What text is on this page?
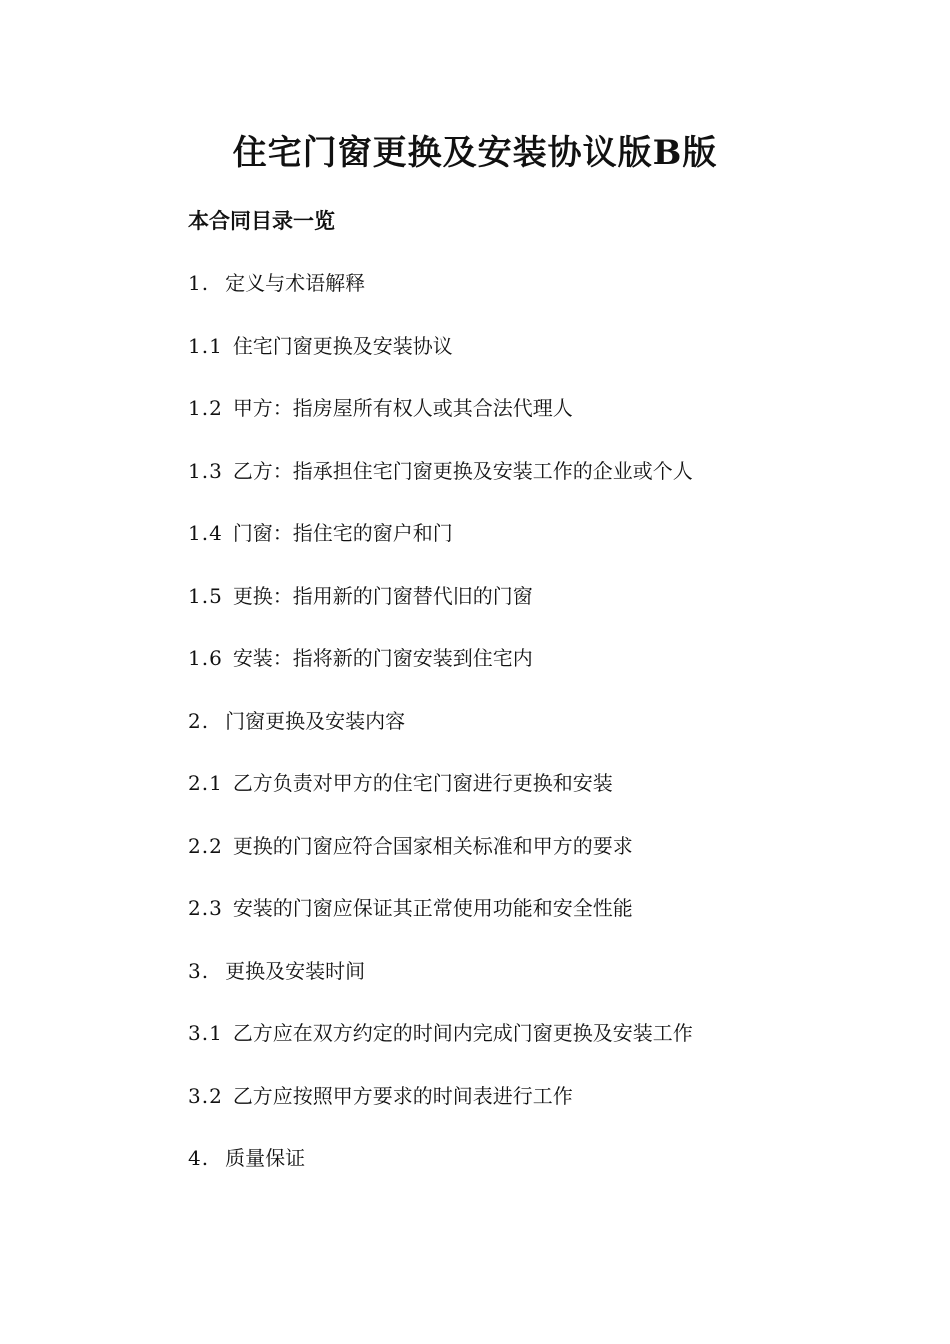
住宅门窗更换及安装协议版B版
本合同目录一览
1. 定义与术语解释
1.1 住宅门窗更换及安装协议
1.2 甲方：指房屋所有权人或其合法代理人
1.3 乙方：指承担住宅门窗更换及安装工作的企业或个人
1.4 门窗：指住宅的窗户和门
1.5 更换：指用新的门窗替代旧的门窗
1.6 安装：指将新的门窗安装到住宅内
2. 门窗更换及安装内容
2.1 乙方负责对甲方的住宅门窗进行更换和安装
2.2 更换的门窗应符合国家相关标准和甲方的要求
2.3 安装的门窗应保证其正常使用功能和安全性能
3. 更换及安装时间
3.1 乙方应在双方约定的时间内完成门窗更换及安装工作
3.2 乙方应按照甲方要求的时间表进行工作
4. 质量保证
